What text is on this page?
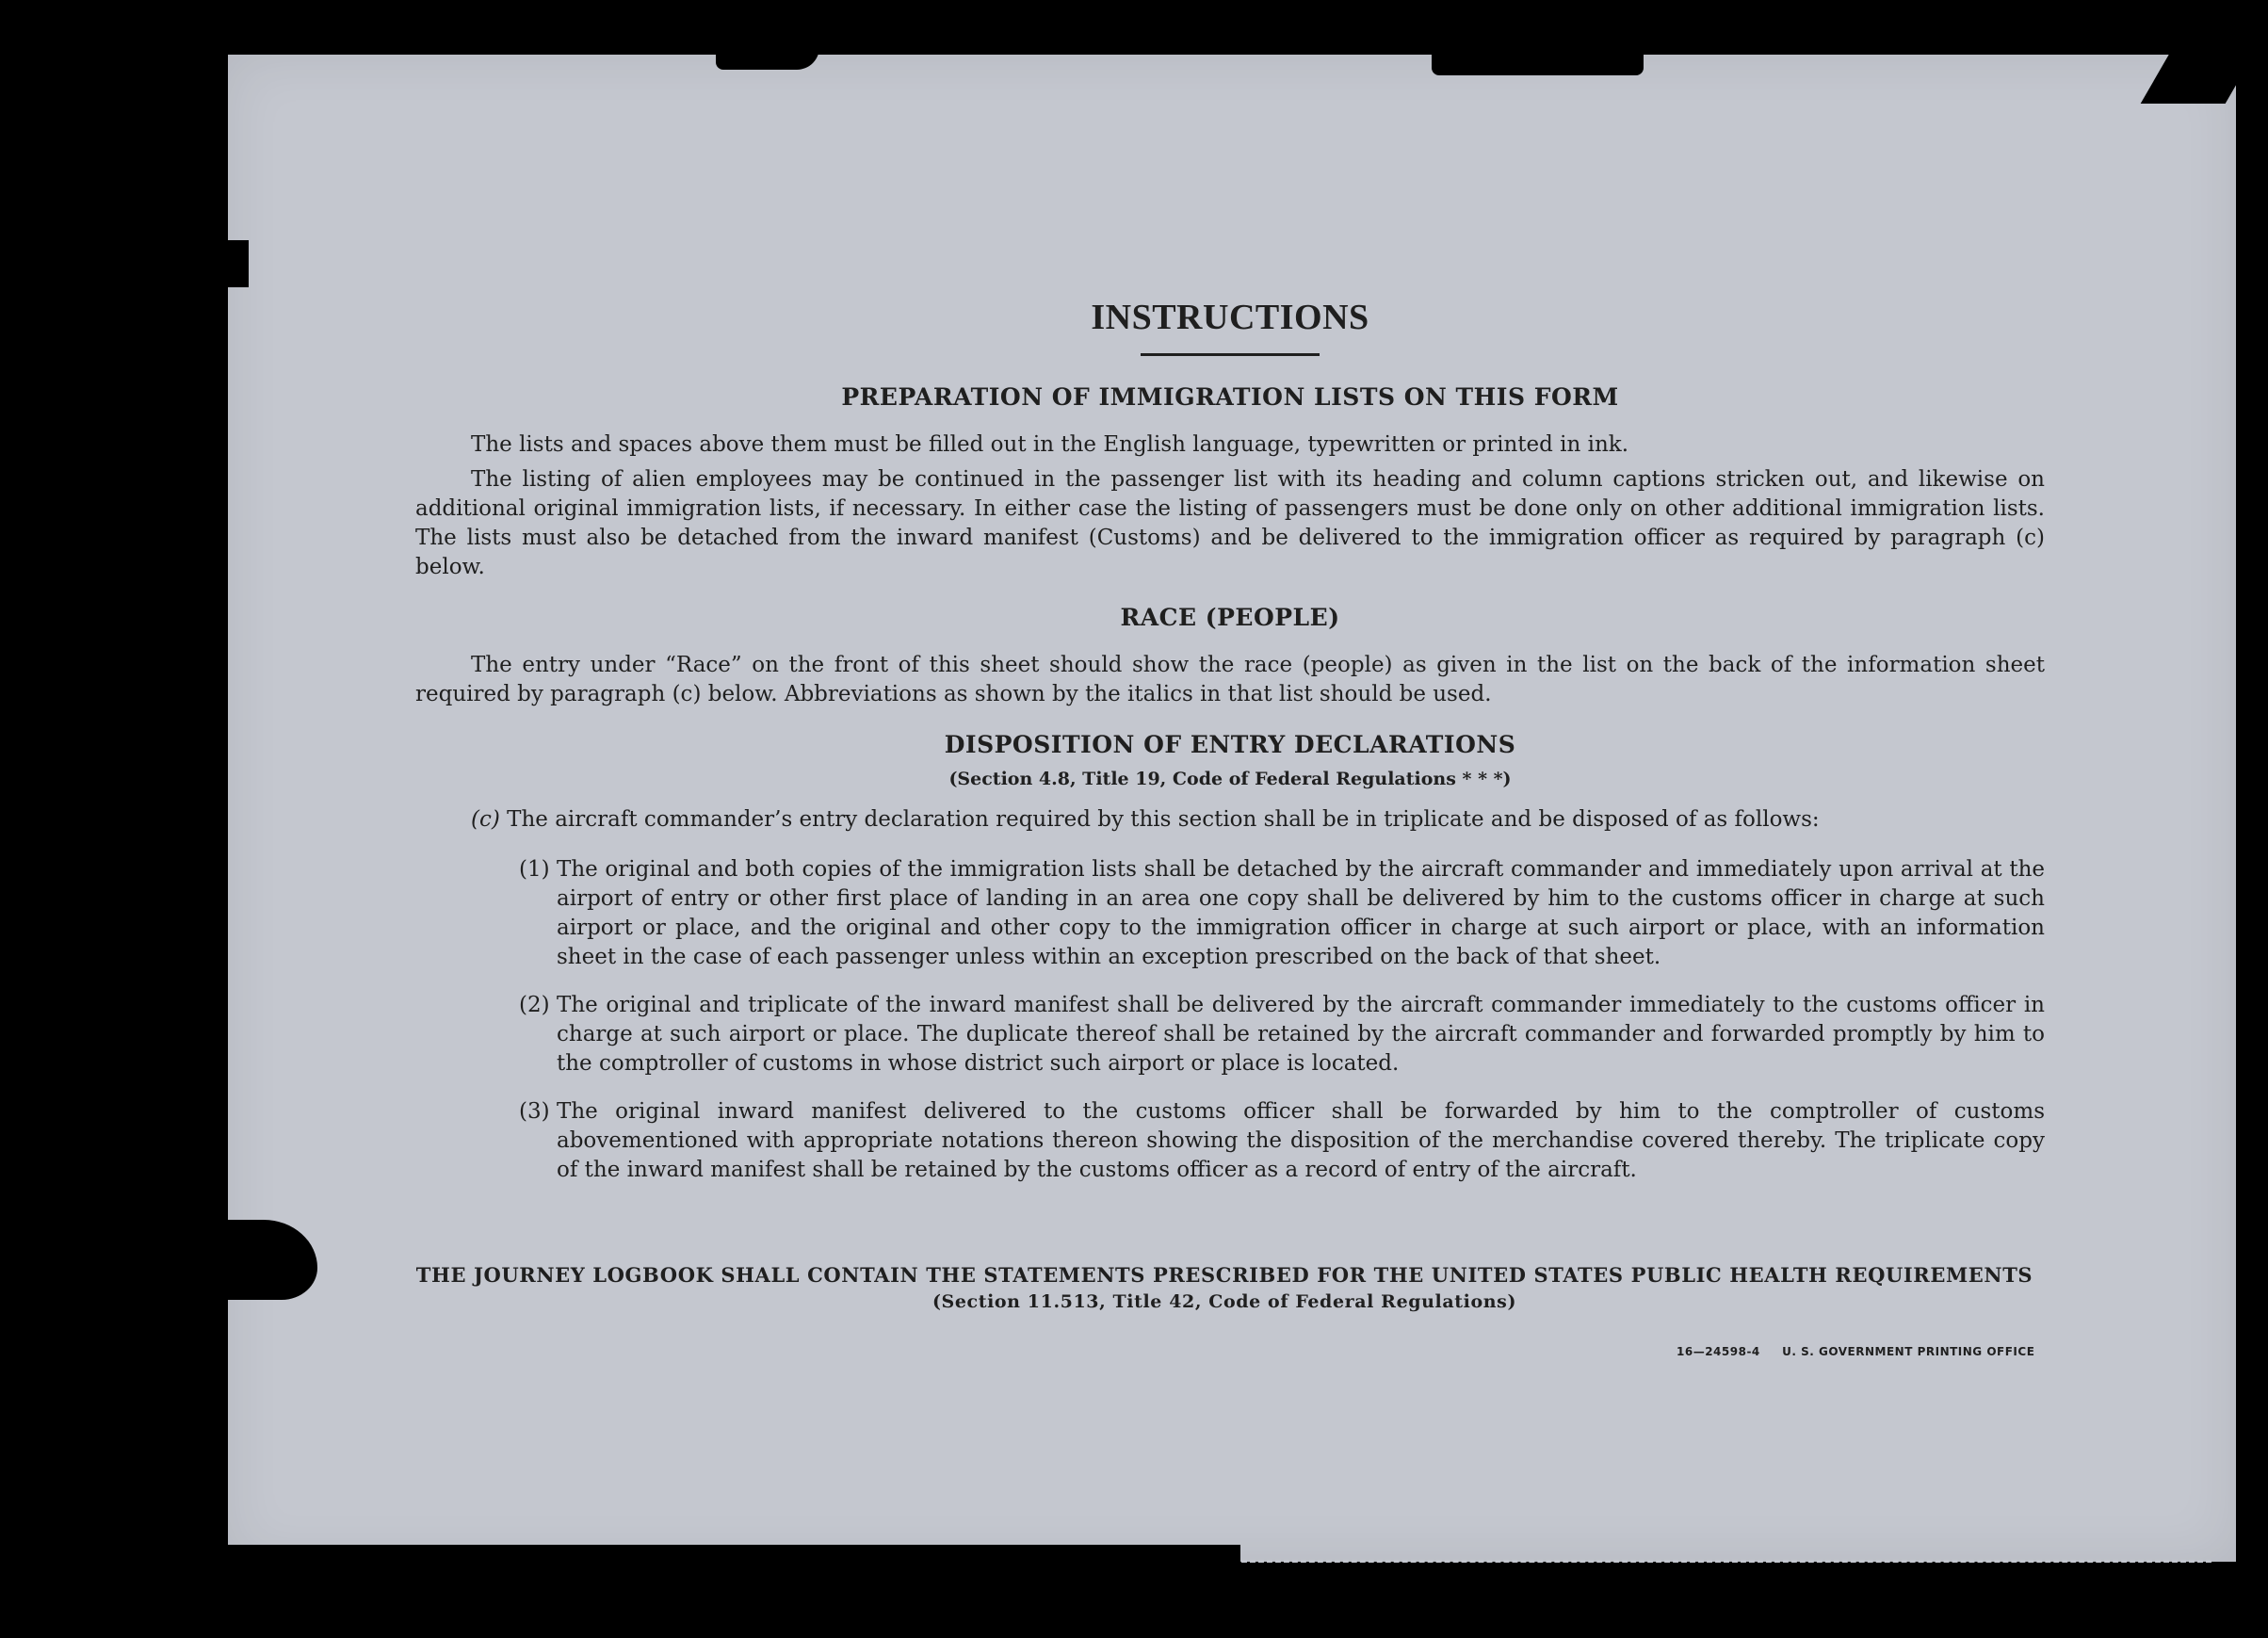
INSTRUCTIONS
PREPARATION OF IMMIGRATION LISTS ON THIS FORM

The lists and spaces above them must be filled out in the English language, typewritten or printed in ink.

The listing of alien employees may be continued in the passenger list with its heading and column captions stricken out, and likewise on additional original immigration lists, if necessary. In either case the listing of passengers must be done only on other additional immigration lists. The lists must also be detached from the inward manifest (Customs) and be delivered to the immigration officer as required by paragraph (c) below.

RACE (PEOPLE)

The entry under “Race” on the front of this sheet should show the race (people) as given in the list on the back of the information sheet required by paragraph (c) below. Abbreviations as shown by the italics in that list should be used.

DISPOSITION OF ENTRY DECLARATIONS
(Section 4.8, Title 19, Code of Federal Regulations * * *)
(c) The aircraft commander’s entry declaration required by this section shall be in triplicate and be disposed of as follows:
(1) The original and both copies of the immigration lists shall be detached by the aircraft commander and immediately upon arrival at the airport of entry or other first place of landing in an area one copy shall be delivered by him to the customs officer in charge at such airport or place, and the original and other copy to the immigration officer in charge at such airport or place, with an information sheet in the case of each passenger unless within an exception prescribed on the back of that sheet.
(2) The original and triplicate of the inward manifest shall be delivered by the aircraft commander immediately to the customs officer in charge at such airport or place. The duplicate thereof shall be retained by the aircraft commander and forwarded promptly by him to the comptroller of customs in whose district such airport or place is located.
(3) The original inward manifest delivered to the customs officer shall be forwarded by him to the comptroller of customs abovementioned with appropriate notations thereon showing the disposition of the merchandise covered thereby. The triplicate copy of the inward manifest shall be retained by the customs officer as a record of entry of the aircraft.
THE JOURNEY LOGBOOK SHALL CONTAIN THE STATEMENTS PRESCRIBED FOR THE UNITED STATES PUBLIC HEALTH REQUIREMENTS
(Section 11.513, Title 42, Code of Federal Regulations)
16—24598-4 U. S. GOVERNMENT PRINTING OFFICE
